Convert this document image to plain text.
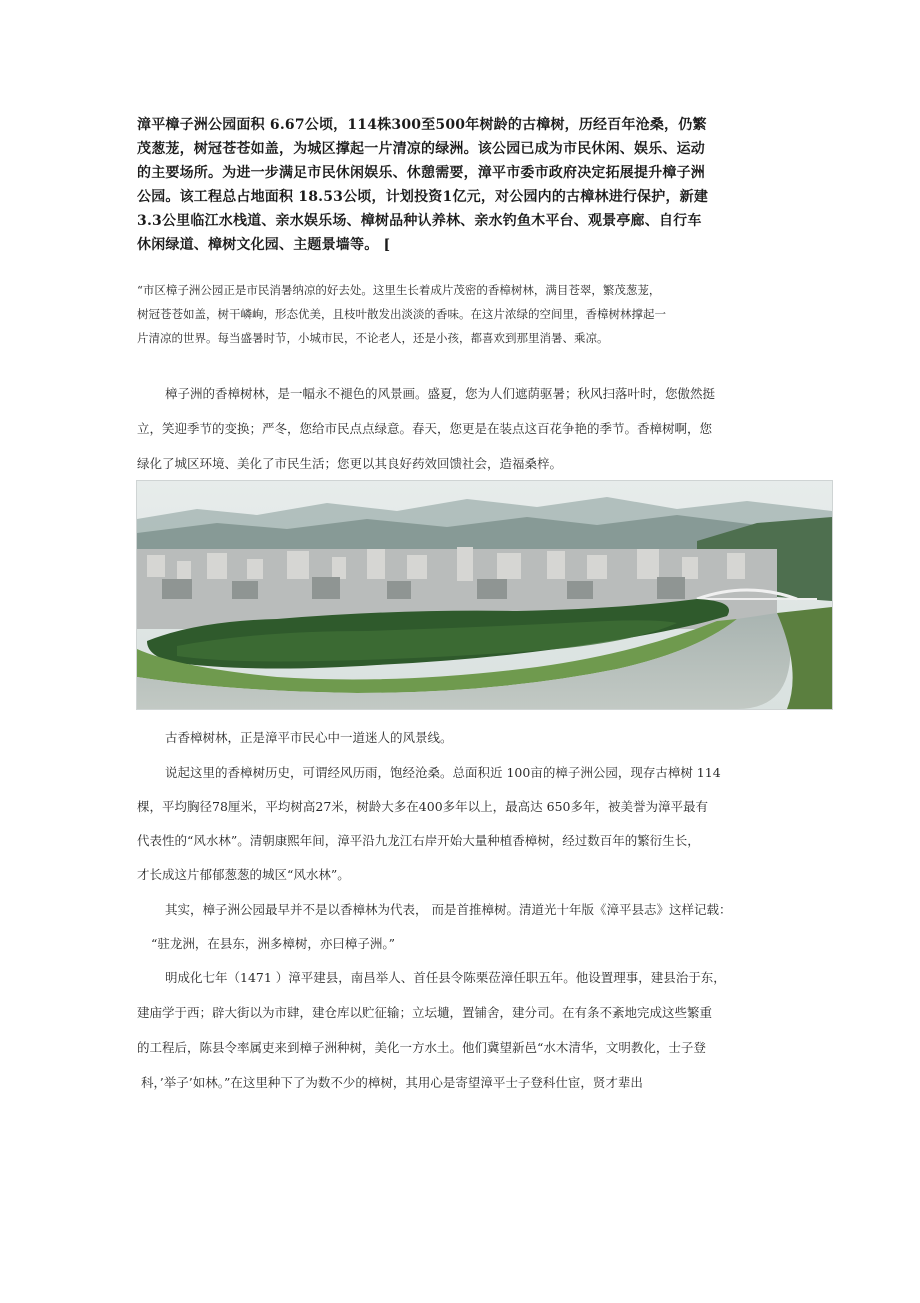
漳平樟子洲公园面积 6.67公顷，114株300至500年树龄的古樟树，历经百年沧桑，仍繁
茂葱茏，树冠苍苍如盖，为城区撑起一片清凉的绿洲。该公园已成为市民休闲、娱乐、运动
的主要场所。为进一步满足市民休闲娱乐、休憩需要，漳平市委市政府决定拓展提升樟子洲
公园。该工程总占地面积 18.53公顷，计划投资1亿元，对公园内的古樟林进行保护，新建
3.3公里临江水栈道、亲水娱乐场、樟树品种认养林、亲水钓鱼木平台、观景亭廊、自行车
休闲绿道、樟树文化园、主题景墙等。 [
“市区樟子洲公园正是市民消暑纳凉的好去处。这里生长着成片茂密的香樟树林，满目苍翠，繁茂葱茏，
树冠苍苍如盖，树干嶙峋，形态优美，且枝叶散发出淡淡的香味。在这片浓绿的空间里，香樟树林撑起一
片清凉的世界。每当盛暑时节，小城市民，不论老人，还是小孩，都喜欢到那里消暑、乘凉。
樟子洲的香樟树林，是一幅永不褪色的风景画。盛夏，您为人们遮荫驱暑；秋风扫落叶时，您傲然挺
立，笑迎季节的变换；严冬，您给市民点点绿意。春天，您更是在装点这百花争艳的季节。香樟树啊，您
绿化了城区环境、美化了市民生活；您更以其良好药效回馈社会，造福桑梓。
古香樟树林，正是漳平市民心中一道迷人的风景线。
说起这里的香樟树历史，可谓经风历雨，饱经沧桑。总面积近 100亩的樟子洲公园，现存古樟树 114
棵，平均胸径78厘米，平均树高27米，树龄大多在400多年以上，最高达 650多年，被美誉为漳平最有
代表性的“风水林”。清朝康熙年间，漳平沿九龙江右岸开始大量种植香樟树，经过数百年的繁衍生长，
才长成这片郁郁葱葱的城区“风水林”。
其实，樟子洲公园最早并不是以香樟林为代表， 而是首推樟树。清道光十年版《漳平县志》这样记载：
“驻龙洲，在县东，洲多樟树，亦曰樟子洲。”
明成化七年（1471 ）漳平建县，南昌举人、首任县令陈栗莅漳任职五年。他设置理事，建县治于东，
建庙学于西；辟大街以为市肆，建仓库以贮征输；立坛壝，置铺舍，建分司。在有条不紊地完成这些繁重
的工程后，陈县令率属吏来到樟子洲种树，美化一方水土。他们冀望新邑“水木清华，文明教化，士子登
科，’举子’如林。”在这里种下了为数不少的樟树，其用心是寄望漳平士子登科仕宦，贤才辈出
